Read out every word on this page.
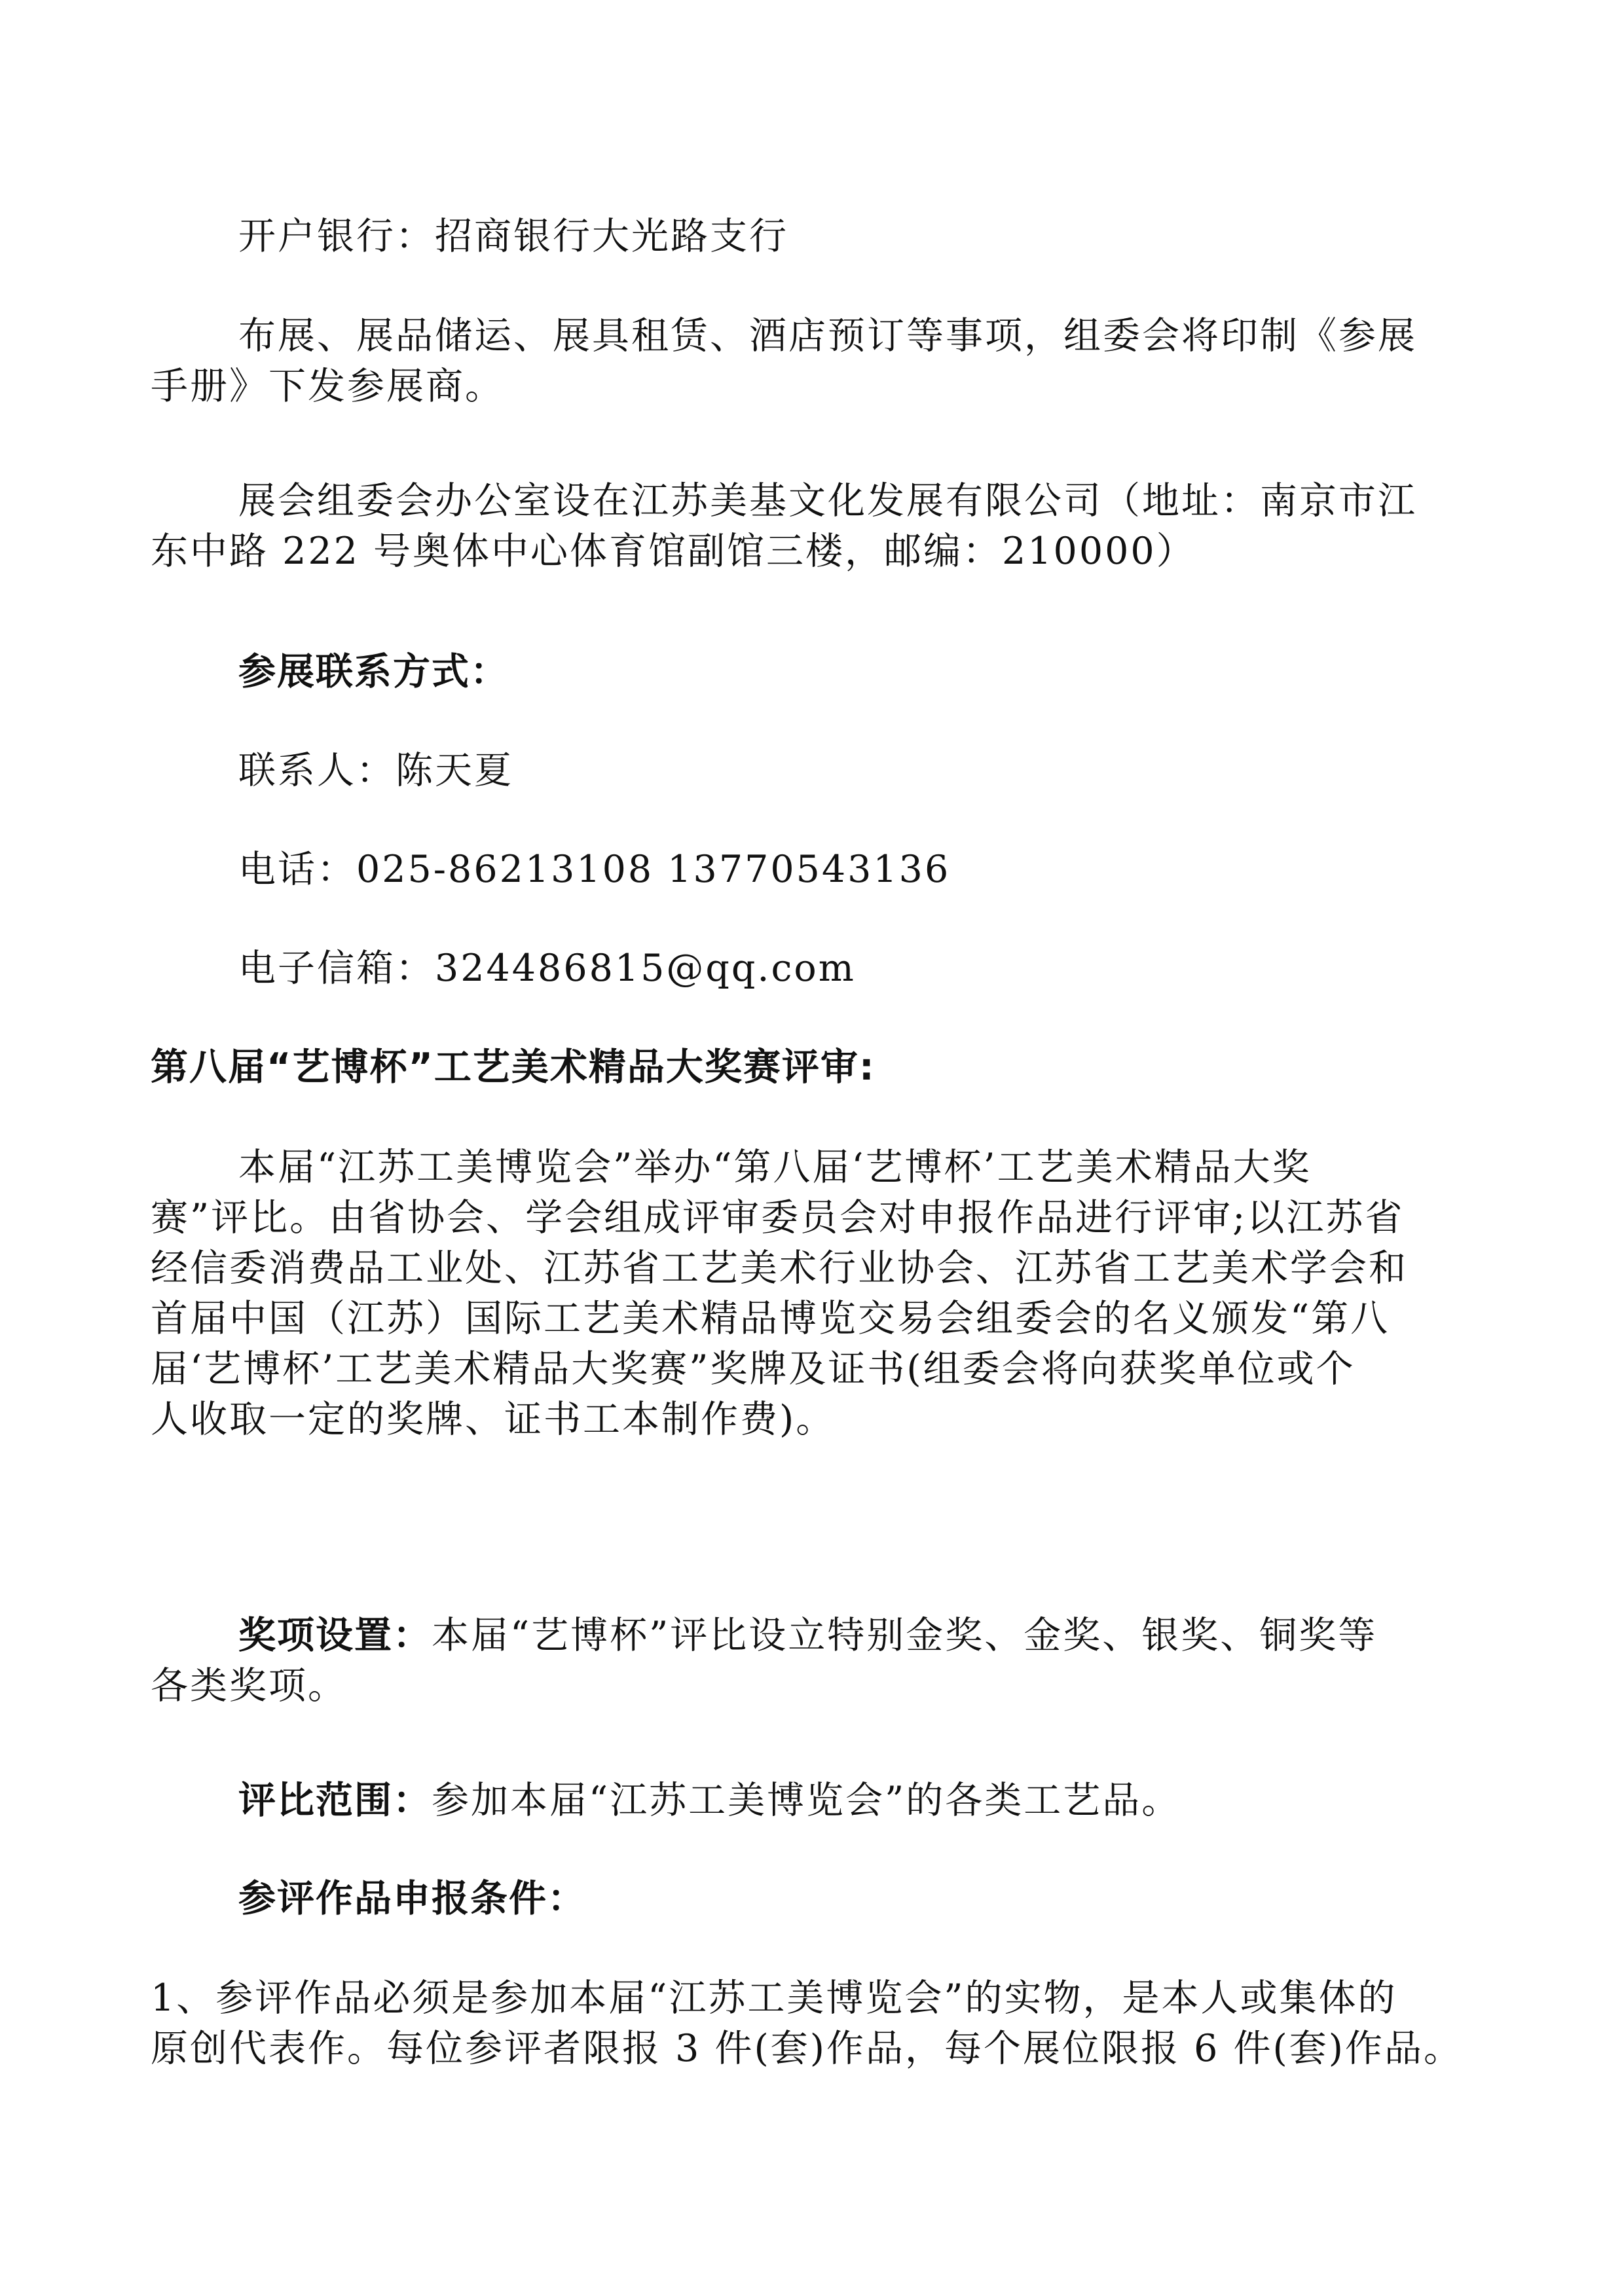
开户银行：招商银行大光路支行
布展、展品储运、展具租赁、酒店预订等事项，组委会将印制《参展
手册》下发参展商。
展会组委会办公室设在江苏美基文化发展有限公司（地址：南京市江
东中路 222 号奥体中心体育馆副馆三楼，邮编：210000）
参展联系方式：
联系人：陈天夏
电话：025-86213108 13770543136
电子信箱：324486815@qq.com
第八届“艺博杯”工艺美术精品大奖赛评审:
本届“江苏工美博览会”举办“第八届‘艺博杯’工艺美术精品大奖
赛”评比。由省协会、学会组成评审委员会对申报作品进行评审;以江苏省
经信委消费品工业处、江苏省工艺美术行业协会、江苏省工艺美术学会和
首届中国（江苏）国际工艺美术精品博览交易会组委会的名义颁发“第八
届‘艺博杯’工艺美术精品大奖赛”奖牌及证书(组委会将向获奖单位或个
人收取一定的奖牌、证书工本制作费)。
奖项设置：本届“艺博杯”评比设立特别金奖、金奖、银奖、铜奖等
各类奖项。
评比范围：参加本届“江苏工美博览会”的各类工艺品。
参评作品申报条件：
1、参评作品必须是参加本届“江苏工美博览会”的实物，是本人或集体的
原创代表作。每位参评者限报 3 件(套)作品，每个展位限报 6 件(套)作品。
